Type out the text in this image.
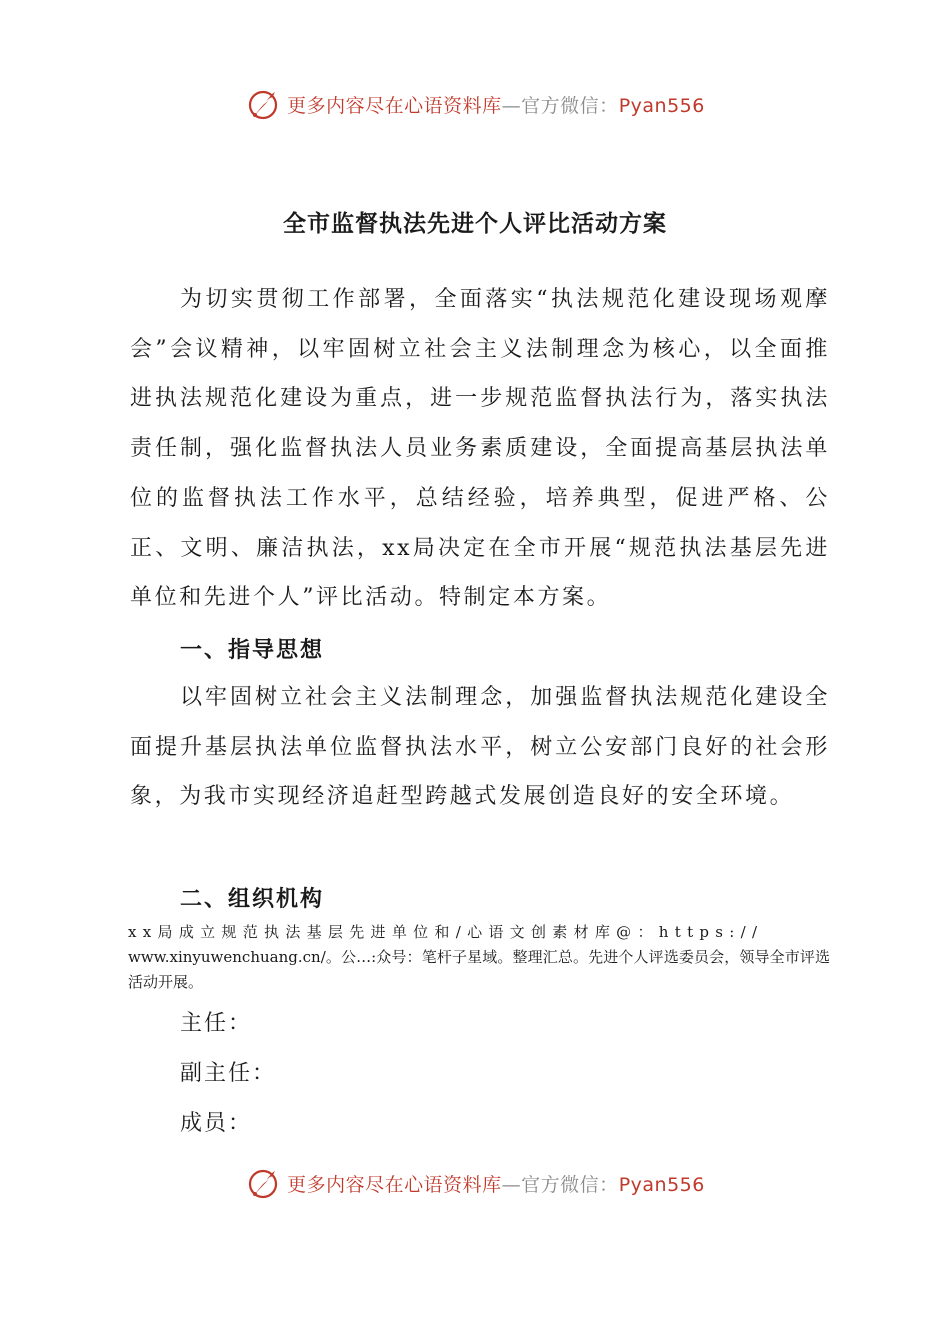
更多内容尽在心语资料库—官方微信：Pyan556
全市监督执法先进个人评比活动方案

为切实贯彻工作部署，全面落实“执法规范化建设现场观摩会”会议精神，以牢固树立社会主义法制理念为核心，以全面推进执法规范化建设为重点，进一步规范监督执法行为，落实执法责任制，强化监督执法人员业务素质建设，全面提高基层执法单位的监督执法工作水平，总结经验，培养典型，促进严格、公正、文明、廉洁执法，xx局决定在全市开展“规范执法基层先进单位和先进个人”评比活动。特制定本方案。

一、指导思想

以牢固树立社会主义法制理念，加强监督执法规范化建设全面提升基层执法单位监督执法水平，树立公安部门良好的社会形象，为我市实现经济追赶型跨越式发展创造良好的安全环境。

二、组织机构

xx局成立规范执法基层先进单位和/心语文创素材库@：https://
www.xinyuwenchuang.cn/。公…:众号：笔杆子星域。整理汇总。先进个人评选委员会，领导全市评选活动开展。

主任：

副主任：

成员：

更多内容尽在心语资料库—官方微信：Pyan556
